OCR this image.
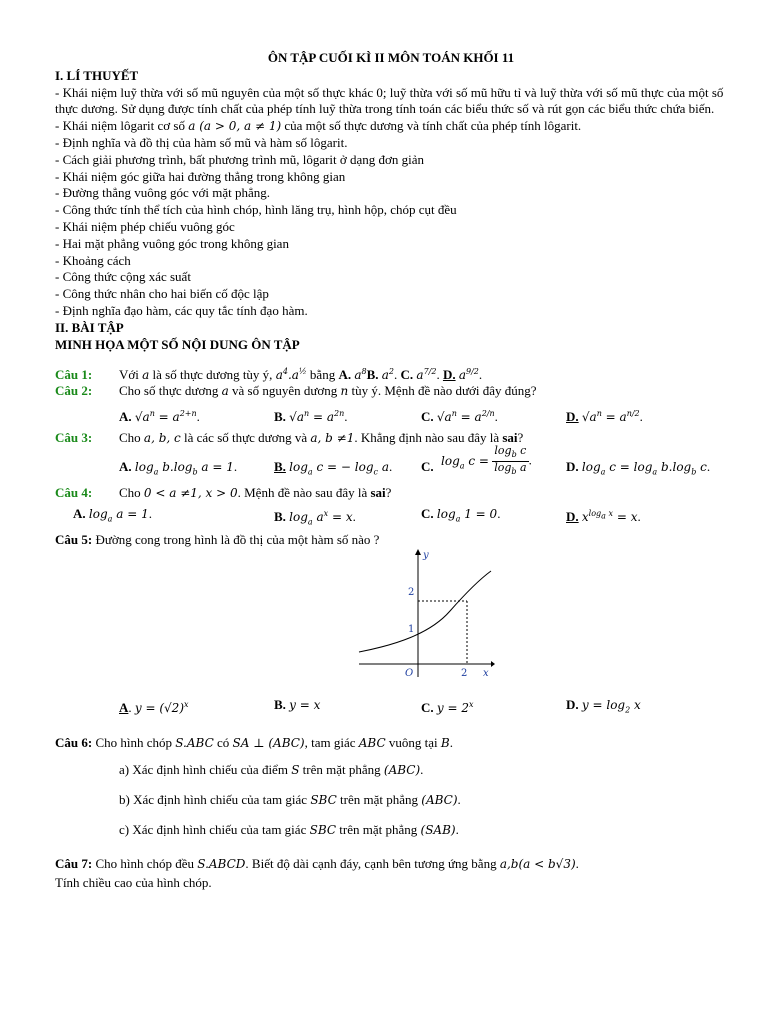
ÔN TẬP CUỐI KÌ II MÔN TOÁN KHỐI 11
I. LÍ THUYẾT
- Khái niệm luỹ thừa với số mũ nguyên của một số thực khác 0; luỹ thừa với số mũ hữu tỉ và luỹ thừa với số mũ thực của một số thực dương. Sử dụng được tính chất của phép tính luỹ thừa trong tính toán các biểu thức số và rút gọn các biểu thức chứa biến.
- Khái niệm lôgarit cơ số a (a > 0, a ≠ 1) của một số thực dương và tính chất của phép tính lôgarit.
- Định nghĩa và đồ thị của hàm số mũ và hàm số lôgarit.
- Cách giải phương trình, bất phương trình mũ, lôgarit ở dạng đơn giản
- Khái niệm góc giữa hai đường thẳng trong không gian
- Đường thẳng vuông góc với mặt phẳng.
- Công thức tính thể tích của hình chóp, hình lăng trụ, hình hộp, chóp cụt đều
- Khái niệm phép chiếu vuông góc
- Hai mặt phẳng vuông góc trong không gian
- Khoảng cách
- Công thức cộng xác suất
- Công thức nhân cho hai biến cố độc lập
- Định nghĩa đạo hàm, các quy tắc tính đạo hàm.
II. BÀI TẬP
MINH HỌA MỘT SỐ NỘI DUNG ÔN TẬP
Câu 1: Với a là số thực dương tùy ý, $a^4.a^{\frac{1}{2}}$ bằng A. $a^8B$. $a^2$. C. $a^{7/2}$. D. $a^{9/2}$.
Câu 2: Cho số thực dương a và số nguyên dương n tùy ý. Mệnh đề nào dưới đây đúng?
A. $√a^n = a^{2+n}$.	B. $√a^n = a^{2n}$.	C. $√a^n = a^{2/n}$.	D. $√a^n = a^{n/2}$.
Câu 3: Cho a, b, c là các số thực dương và a, b ≠1. Khẳng định nào sau đây là sai?
A. $\log_a b.\log_b$ a = 1.	B. $\log_a c$ = − $\log_c a$. C. $\log_a c = \frac{\log_b c}{\log_b a}$ .	D. $\log_a c = \log_a b.\log_b$ c.
Câu 4: Cho 0 < a ≠1, x > 0. Mệnh đề nào sau đây là sai?
A. $\log_a a = 1$.	B. $\log_a a^x = x$.	C. $\log_a 1 = 0$.	D. $x^{log_a x} = x$.
Câu 5: Đường cong trong hình là đồ thị của một hàm số nào ?
y
x
O
2
1
2
A. $y = (√2)^x$	B. y = x	C. $y = 2^x$	D. $y = \log_2 x$
Câu 6: Cho hình chóp S.ABC có SA ⊥ (ABC), tam giác ABC vuông tại B.
a) Xác định hình chiếu của điểm S trên mặt phẳng (ABC).
b) Xác định hình chiếu của tam giác SBC trên mặt phẳng (ABC).
c) Xác định hình chiếu của tam giác SBC trên mặt phẳng (SAB).
Câu 7: Cho hình chóp đều S.ABCD. Biết độ dài cạnh đáy, cạnh bên tương ứng bằng a,b(a < b√3).
Tính chiều cao của hình chóp.
